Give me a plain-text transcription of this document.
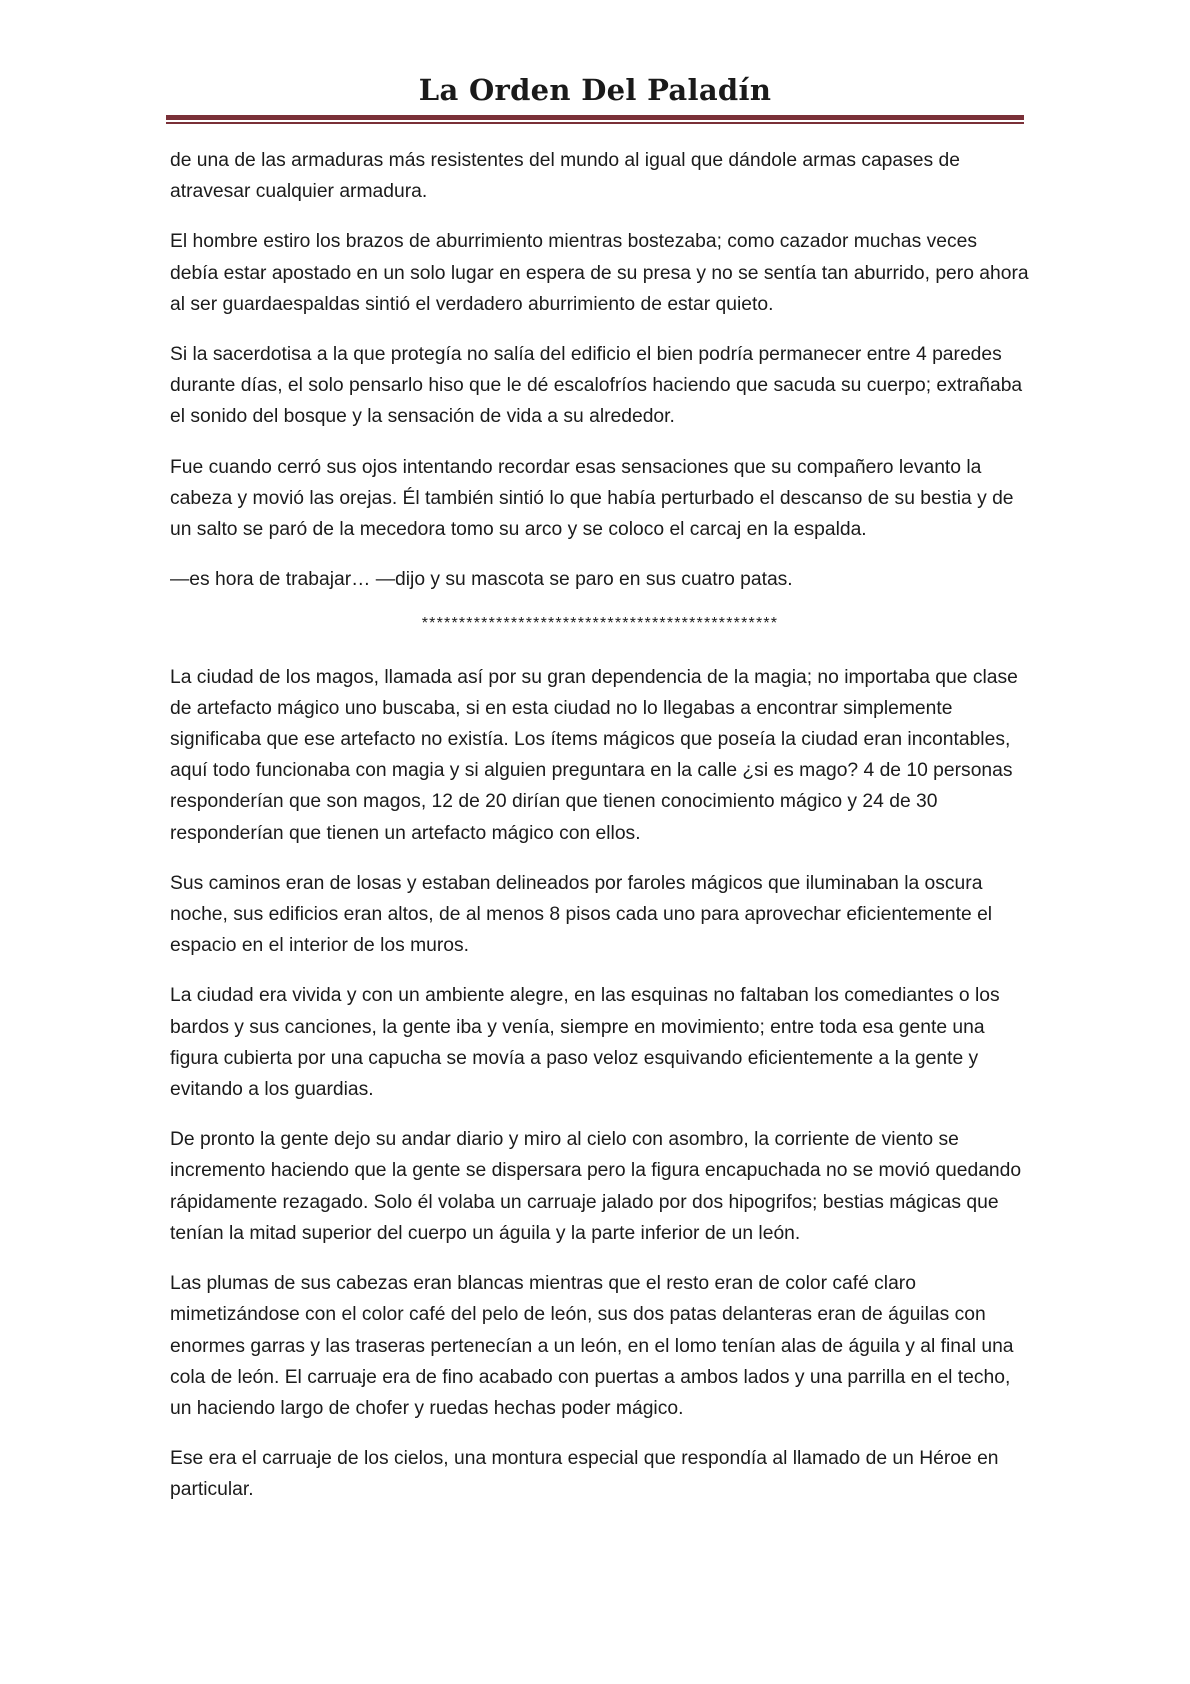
La Orden Del Paladín

de una de las armaduras más resistentes del mundo al igual que dándole armas capases de atravesar cualquier armadura.

El hombre estiro los brazos de aburrimiento mientras bostezaba; como cazador muchas veces debía estar apostado en un solo lugar en espera de su presa y no se sentía tan aburrido, pero ahora al ser guardaespaldas sintió el verdadero aburrimiento de estar quieto.

Si la sacerdotisa a la que protegía no salía del edificio el bien podría permanecer entre 4 paredes durante días, el solo pensarlo hiso que le dé escalofríos haciendo que sacuda su cuerpo; extrañaba el sonido del bosque y la sensación de vida a su alrededor.

Fue cuando cerró sus ojos intentando recordar esas sensaciones que su compañero levanto la cabeza y movió las orejas. Él también sintió lo que había perturbado el descanso de su bestia y de un salto se paró de la mecedora tomo su arco y se coloco el carcaj en la espalda.

—es hora de trabajar… —dijo y su mascota se paro en sus cuatro patas.

************************************************

La ciudad de los magos, llamada así por su gran dependencia de la magia; no importaba que clase de artefacto mágico uno buscaba, si en esta ciudad no lo llegabas a encontrar simplemente significaba que ese artefacto no existía. Los ítems mágicos que poseía la ciudad eran incontables, aquí todo funcionaba con magia y si alguien preguntara en la calle ¿si es mago? 4 de 10 personas responderían que son magos, 12 de 20 dirían que tienen conocimiento mágico y 24 de 30 responderían que tienen un artefacto mágico con ellos.

Sus caminos eran de losas y estaban delineados por faroles mágicos que iluminaban la oscura noche, sus edificios eran altos, de al menos 8 pisos cada uno para aprovechar eficientemente el espacio en el interior de los muros.

La ciudad era vivida y con un ambiente alegre, en las esquinas no faltaban los comediantes o los bardos y sus canciones, la gente iba y venía, siempre en movimiento; entre toda esa gente una figura cubierta por una capucha se movía a paso veloz esquivando eficientemente a la gente y evitando a los guardias.

De pronto la gente dejo su andar diario y miro al cielo con asombro, la corriente de viento se incremento haciendo que la gente se dispersara pero la figura encapuchada no se movió quedando rápidamente rezagado. Solo él volaba un carruaje jalado por dos hipogrifos; bestias mágicas que tenían la mitad superior del cuerpo un águila y la parte inferior de un león.

Las plumas de sus cabezas eran blancas mientras que el resto eran de color café claro mimetizándose con el color café del pelo de león, sus dos patas delanteras eran de águilas con enormes garras y las traseras pertenecían a un león, en el lomo tenían alas de águila y al final una cola de león. El carruaje era de fino acabado con puertas a ambos lados y una parrilla en el techo, un haciendo largo de chofer y ruedas hechas poder mágico.

Ese era el carruaje de los cielos, una montura especial que respondía al llamado de un Héroe en particular.
